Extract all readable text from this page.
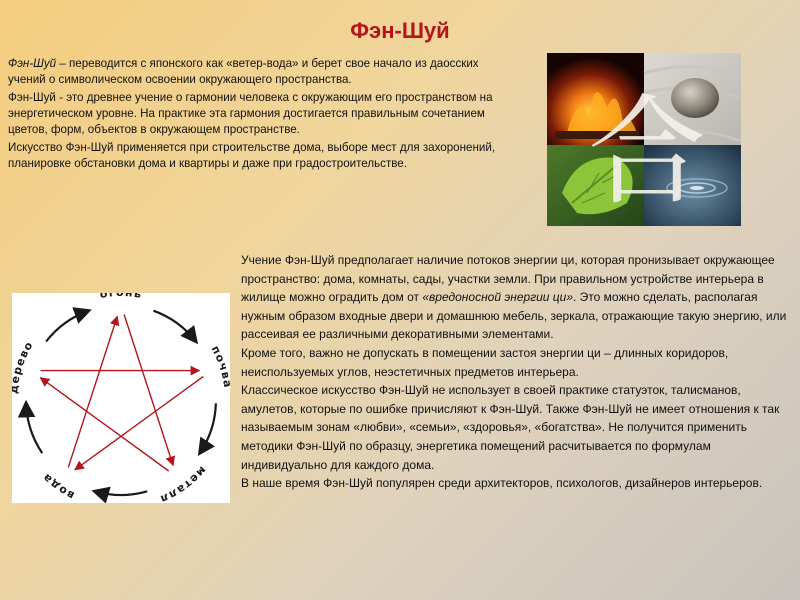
Фэн-Шуй

Фэн-Шуй – переводится с японского как «ветер-вода» и берет свое начало из даосских учений о символическом освоении окружающего пространства.

Фэн-Шуй - это древнее учение о гармонии человека с окружающим его пространством на энергетическом уровне. На практике эта гармония достигается правильным сочетанием цветов, форм, объектов в окружающем пространстве.

Искусство Фэн-Шуй применяется при строительстве дома, выборе мест для захоронений, планировке обстановки дома и квартиры и даже при градостроительстве.	合
о ь
поч
металл
вода
ево

Учение Фэн-Шуй предполагает наличие потоков энергии ци, которая пронизывает окружающее пространство: дома, комнаты, сады, участки земли. При правильном устройстве интерьера в жилище можно оградить дом от «вредоносной энергии ци». Это можно сделать, располагая нужным образом входные двери и домашнюю мебель, зеркала, отражающие такую энергию, или рассеивая ее различными декоративными элементами.

Кроме того, важно не допускать в помещении застоя энергии ци – длинных коридоров, неиспользуемых углов, неэстетичных предметов интерьера.

Классическое искусство Фэн-Шуй не использует в своей практике статуэток, талисманов, амулетов, которые по ошибке причисляют к Фэн-Шуй. Также Фэн-Шуй не имеет отношения к так называемым зонам «любви», «семьи», «здоровья», «богатства». Не получится применить методики Фэн-Шуй по образцу, энергетика помещений расчитывается по формулам индивидуально для каждого дома.

В наше время Фэн-Шуй популярен среди архитекторов, психологов, дизайнеров интерьеров.
